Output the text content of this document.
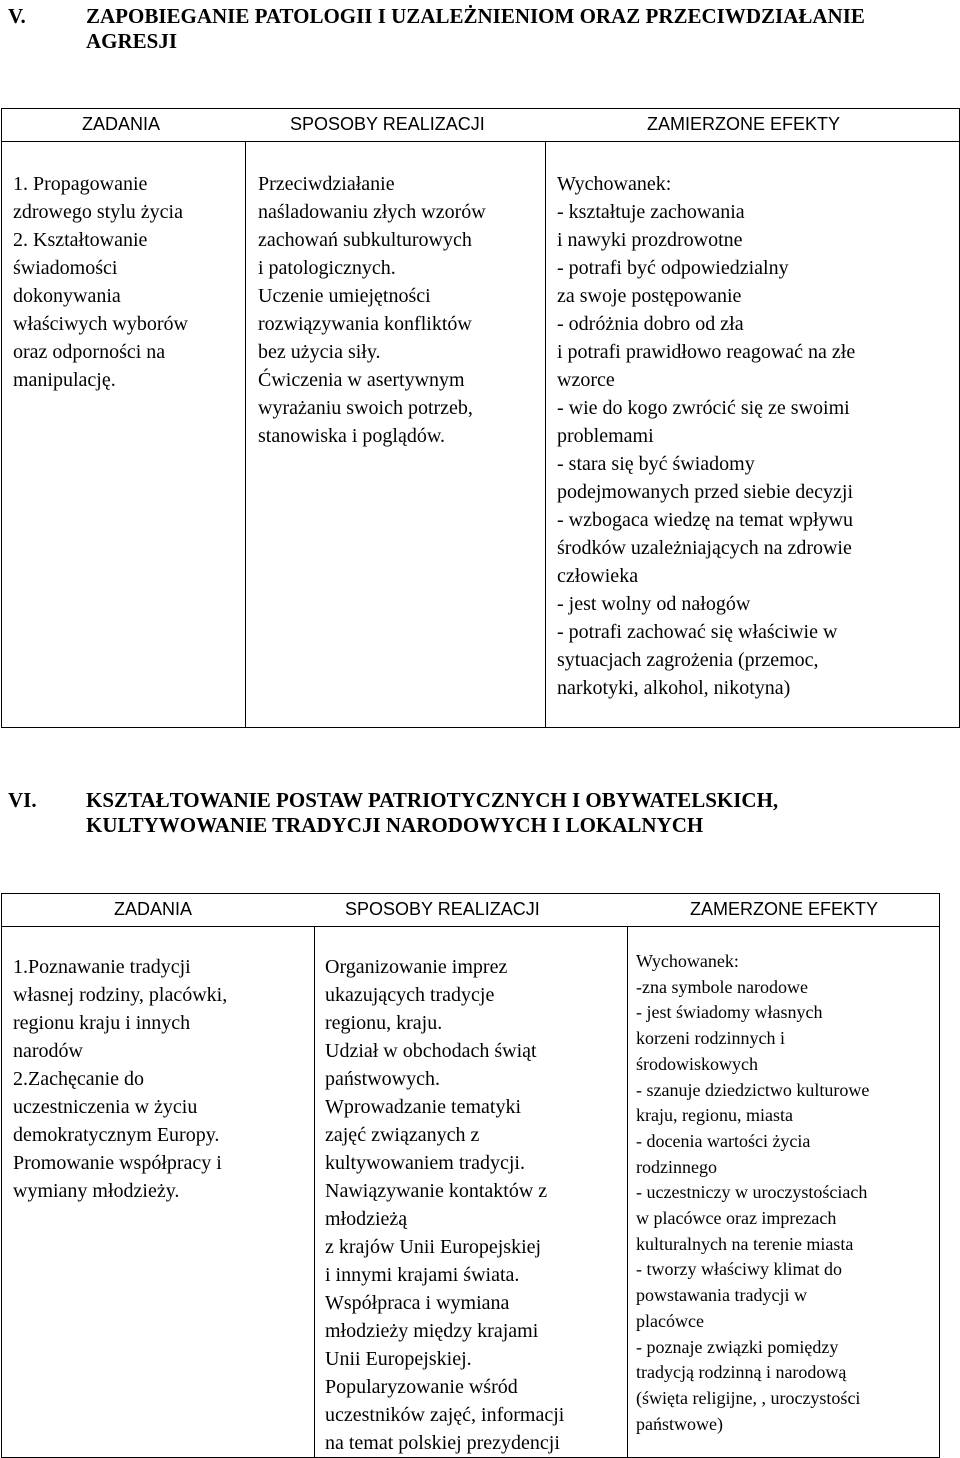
V.	ZAPOBIEGANIE PATOLOGII I UZALEŻNIENIOM ORAZ PRZECIWDZIAŁANIE AGRESJI
ZADANIA	SPOSOBY REALIZACJI	ZAMIERZONE EFEKTY

1. Propagowanie
zdrowego stylu życia
2. Kształtowanie
świadomości
dokonywania
właściwych wyborów
oraz odporności na
manipulację.

Przeciwdziałanie
naśladowaniu złych wzorów
zachowań subkulturowych
i patologicznych.
Uczenie umiejętności
rozwiązywania konfliktów
bez użycia siły.
Ćwiczenia w asertywnym
wyrażaniu swoich potrzeb,
stanowiska i poglądów.

Wychowanek:
- kształtuje zachowania
i nawyki prozdrowotne
- potrafi być odpowiedzialny
za swoje postępowanie
- odróżnia dobro od zła
i potrafi prawidłowo reagować na złe
wzorce
- wie do kogo zwrócić się ze swoimi
problemami
- stara się być świadomy
podejmowanych przed siebie decyzji
- wzbogaca wiedzę na temat wpływu
środków uzależniających na zdrowie
człowieka
- jest wolny od nałogów
- potrafi zachować się właściwie w
sytuacjach zagrożenia (przemoc,
narkotyki, alkohol, nikotyna)
VI. KSZTAŁTOWANIE POSTAW PATRIOTYCZNYCH I OBYWATELSKICH, KULTYWOWANIE TRADYCJI NARODOWYCH I LOKALNYCH
ZADANIA	SPOSOBY REALIZACJI	ZAMERZONE EFEKTY

1.Poznawanie tradycji
własnej rodziny, placówki,
regionu kraju i innych
narodów
2.Zachęcanie do
uczestniczenia w życiu
demokratycznym Europy.
Promowanie współpracy i
wymiany młodzieży.

Organizowanie imprez
ukazujących tradycje
regionu, kraju.
Udział w obchodach świąt
państwowych.
Wprowadzanie tematyki
zajęć związanych z
kultywowaniem tradycji.
Nawiązywanie kontaktów z
młodzieżą
z krajów Unii Europejskiej
i innymi krajami świata.
Współpraca i wymiana
młodzieży między krajami
Unii Europejskiej.
Popularyzowanie wśród
uczestników zajęć, informacji
na temat polskiej prezydencji

Wychowanek:
-zna symbole narodowe
- jest świadomy własnych
korzeni rodzinnych i
środowiskowych
- szanuje dziedzictwo kulturowe
kraju, regionu, miasta
- docenia wartości życia
rodzinnego
- uczestniczy w uroczystościach
w placówce oraz imprezach
kulturalnych na terenie miasta
- tworzy właściwy klimat do
powstawania tradycji w
placówce
- poznaje związki pomiędzy
tradycją rodzinną i narodową
(święta religijne, , uroczystości
państwowe)
